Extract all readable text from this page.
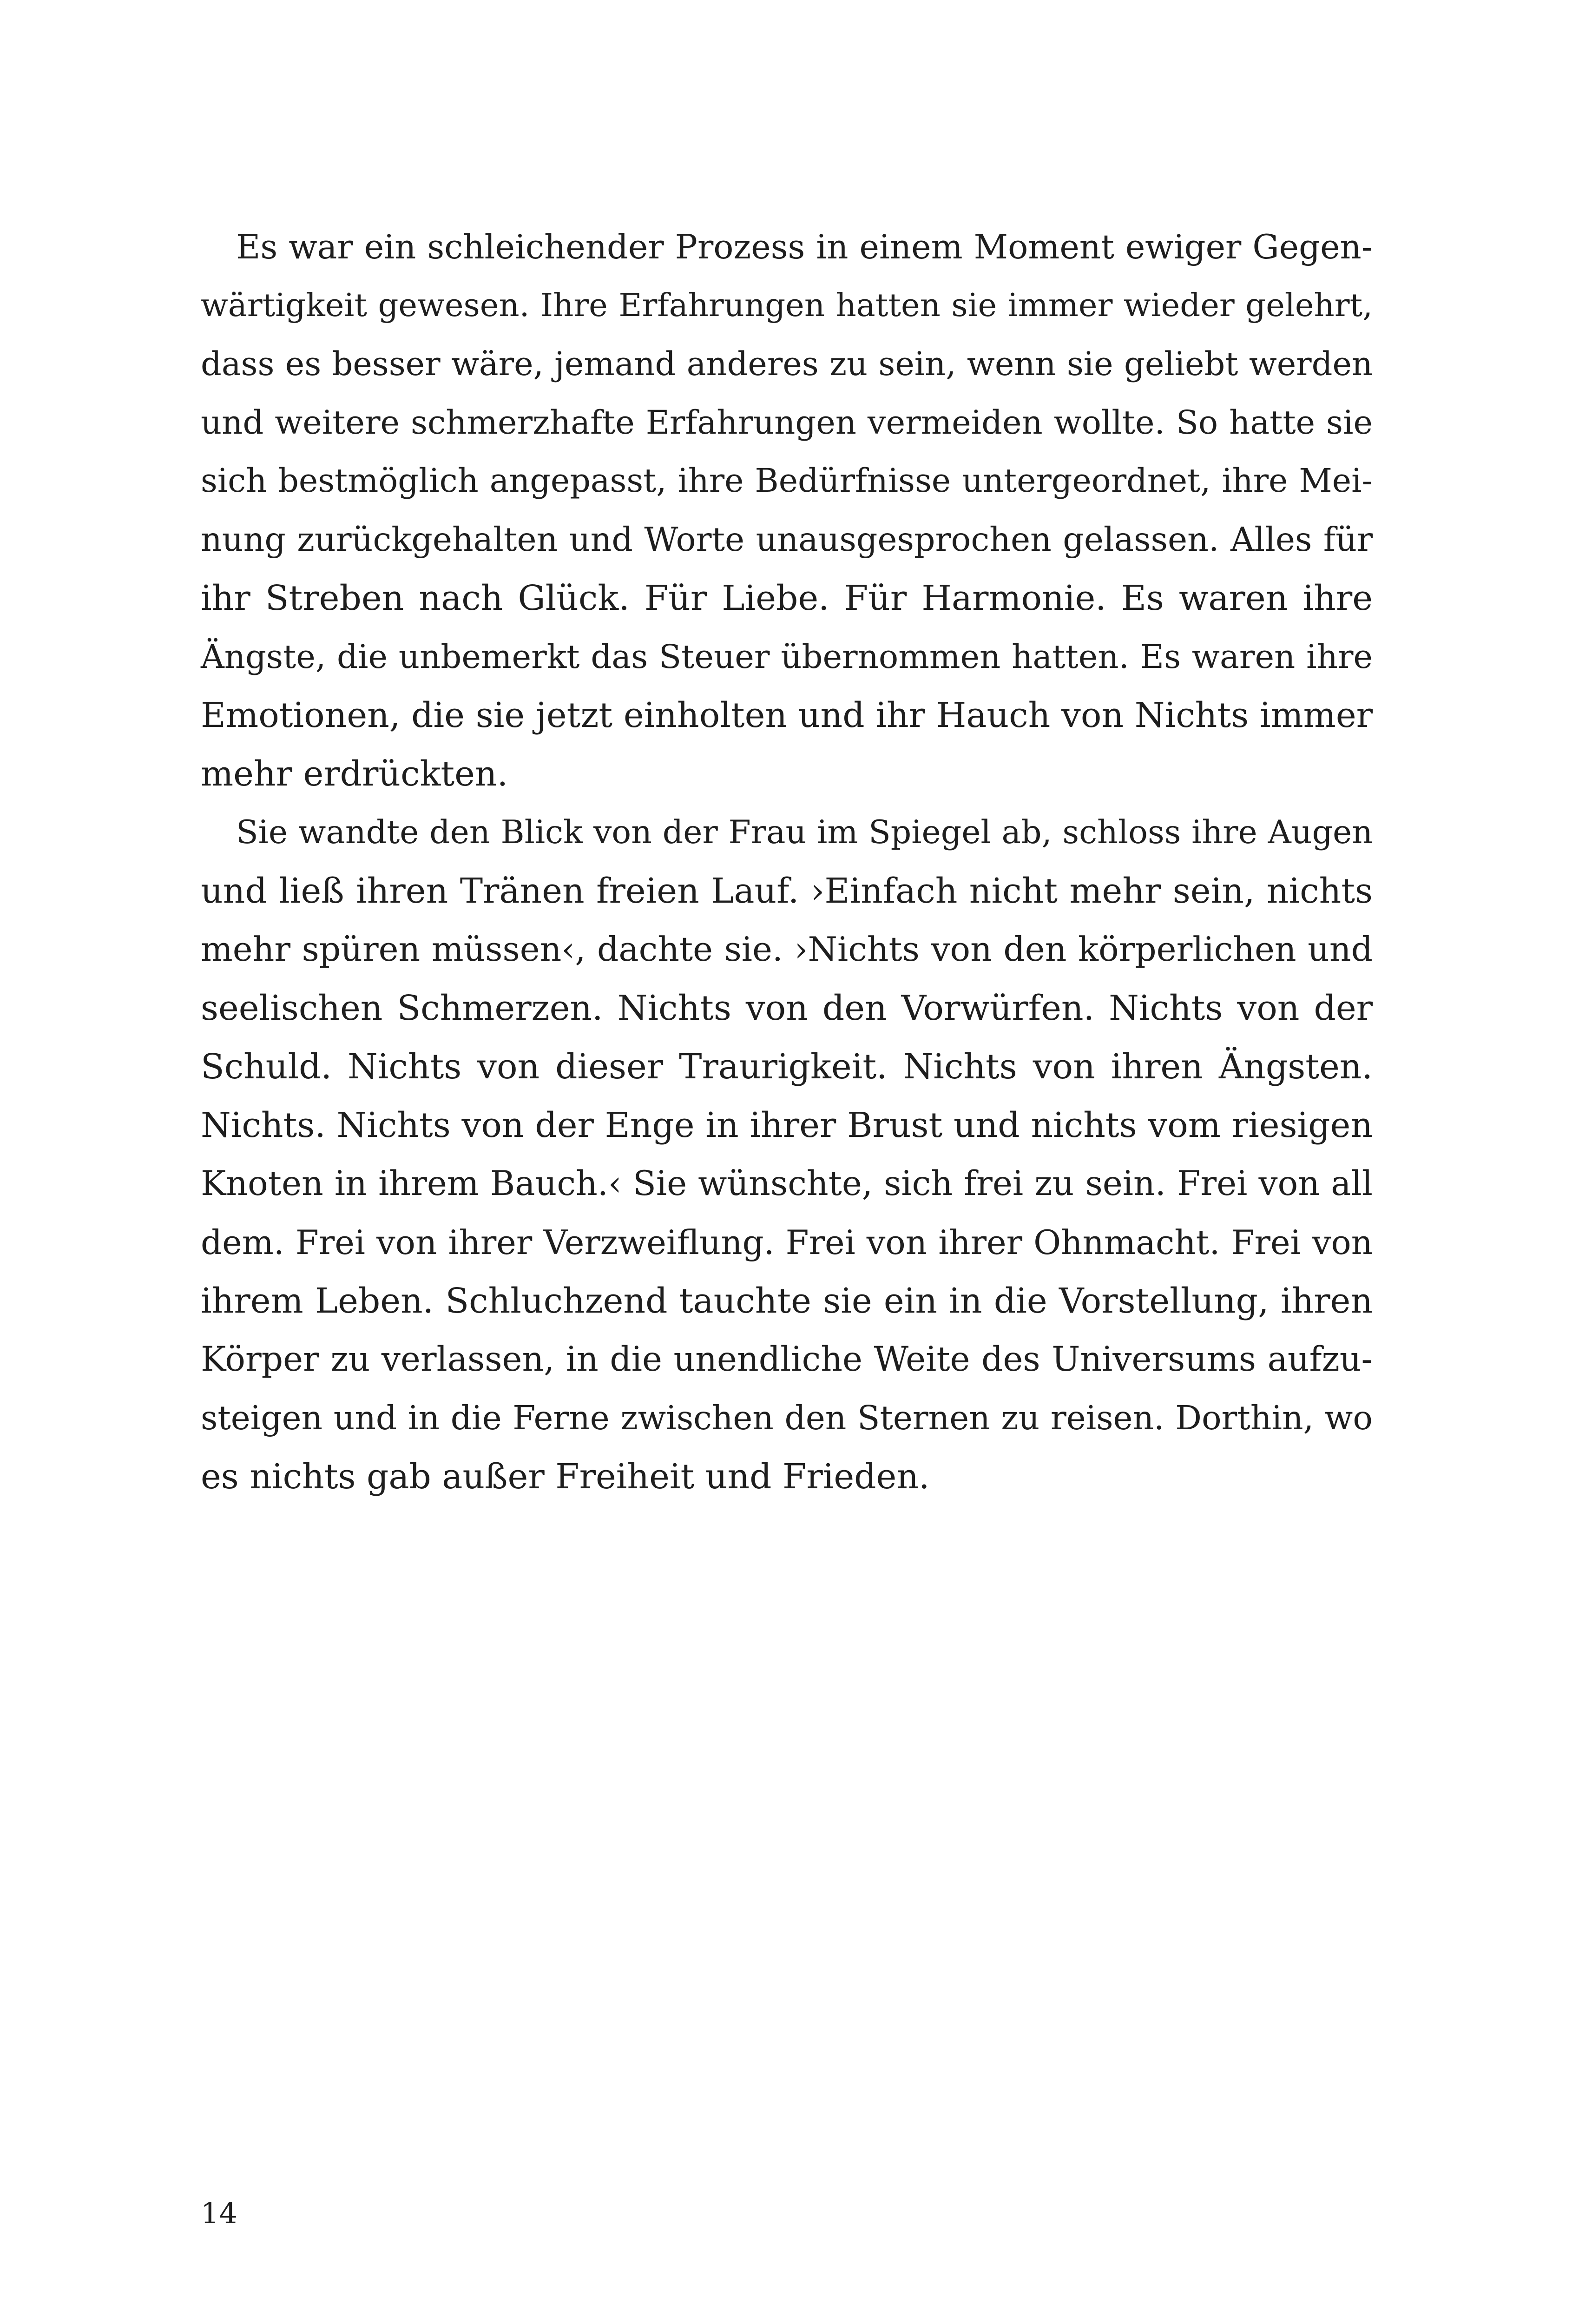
Es war ein schleichender Prozess in einem Moment ewiger Gegen-
wärtigkeit gewesen. Ihre Erfahrungen hatten sie immer wieder gelehrt,
dass es besser wäre, jemand anderes zu sein, wenn sie geliebt werden
und weitere schmerzhafte Erfahrungen vermeiden wollte. So hatte sie
sich bestmöglich angepasst, ihre Bedürfnisse untergeordnet, ihre Mei-
nung zurückgehalten und Worte unausgesprochen gelassen. Alles für
ihr Streben nach Glück. Für Liebe. Für Harmonie. Es waren ihre
Ängste, die unbemerkt das Steuer übernommen hatten. Es waren ihre
Emotionen, die sie jetzt einholten und ihr Hauch von Nichts immer
mehr erdrückten.
Sie wandte den Blick von der Frau im Spiegel ab, schloss ihre Augen
und ließ ihren Tränen freien Lauf. ›Einfach nicht mehr sein, nichts
mehr spüren müssen‹, dachte sie. ›Nichts von den körperlichen und
seelischen Schmerzen. Nichts von den Vorwürfen. Nichts von der
Schuld. Nichts von dieser Traurigkeit. Nichts von ihren Ängsten.
Nichts. Nichts von der Enge in ihrer Brust und nichts vom riesigen
Knoten in ihrem Bauch.‹ Sie wünschte, sich frei zu sein. Frei von all
dem. Frei von ihrer Verzweiflung. Frei von ihrer Ohnmacht. Frei von
ihrem Leben. Schluchzend tauchte sie ein in die Vorstellung, ihren
Körper zu verlassen, in die unendliche Weite des Universums aufzu-
steigen und in die Ferne zwischen den Sternen zu reisen. Dorthin, wo
es nichts gab außer Freiheit und Frieden.
14
